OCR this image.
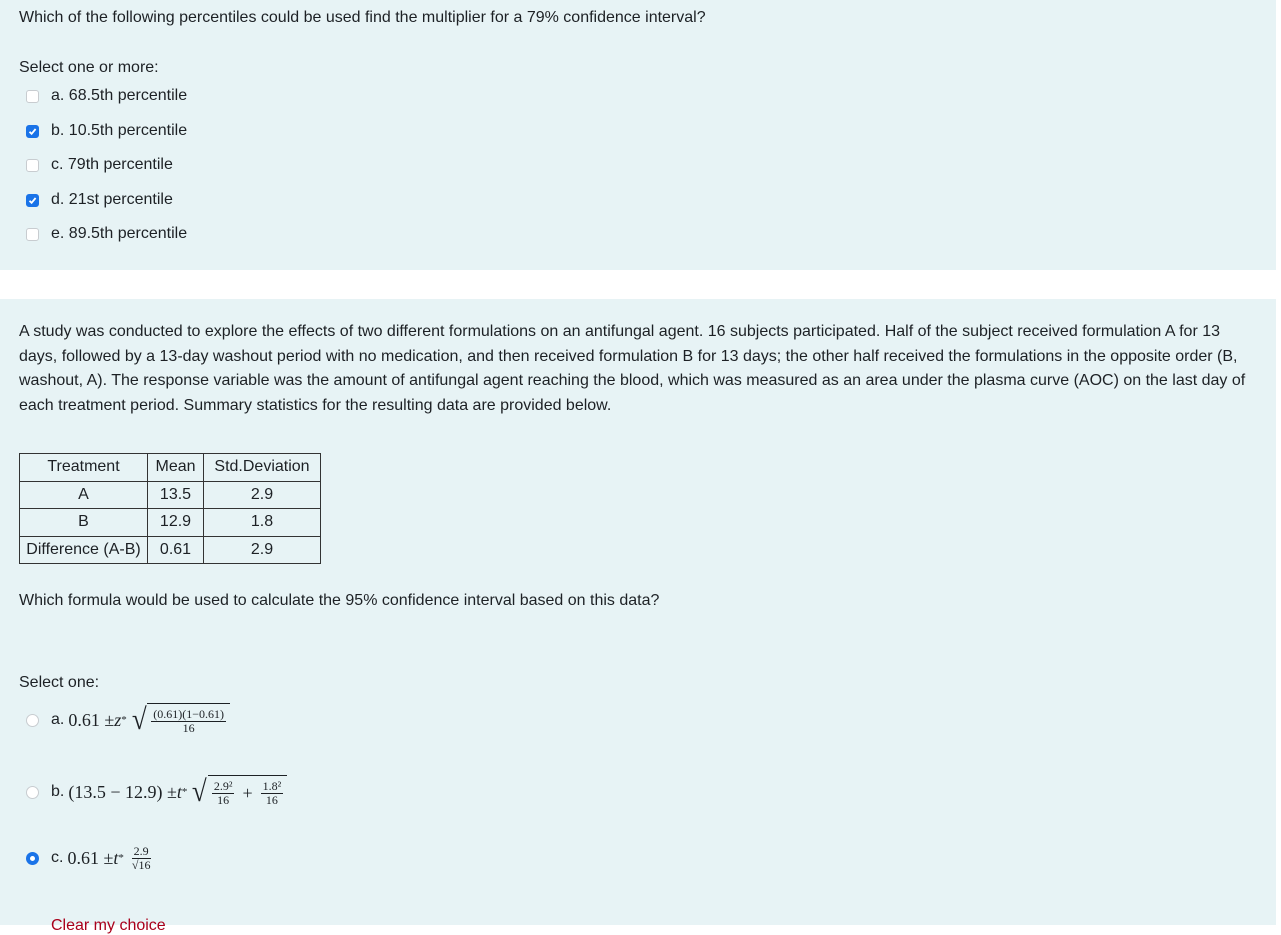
Which of the following percentiles could be used find the multiplier for a 79% confidence interval?

Select one or more:

a. 68.5th percentile
b. 10.5th percentile
c. 79th percentile
d. 21st percentile
e. 89.5th percentile

A study was conducted to explore the effects of two different formulations on an antifungal agent. 16 subjects participated. Half of the subject received formulation A for 13 days, followed by a 13-day washout period with no medication, and then received formulation B for 13 days; the other half received the formulations in the opposite order (B, washout, A). The response variable was the amount of antifungal agent reaching the blood, which was measured as an area under the plasma curve (AOC) on the last day of each treatment period. Summary statistics for the resulting data are provided below.

Treatment	Mean	Std.Deviation
A	13.5	2.9
B	12.9	1.8
Difference (A-B)	0.61	2.9

Which formula would be used to calculate the 95% confidence interval based on this data?

Select one:

a. 0.61 ± z * √ $\frac{(0.61)(1-0.61)}{16}$
b. (13.5 − 12.9) ± t * √ $\frac{\text{2.9²}}{16} + \frac{\text{1.8²}}{16}$
c. $0.61 \pm t * \frac{2.9}{√16}$
Clear my choice
